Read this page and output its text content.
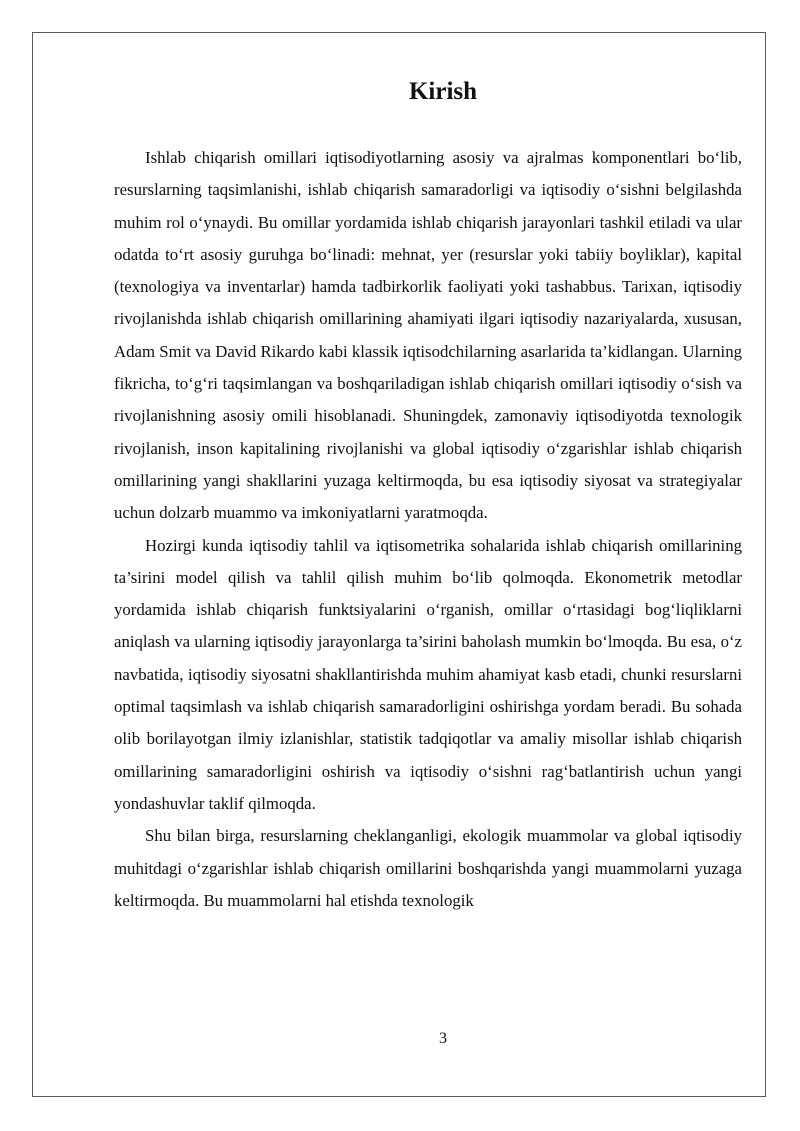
Kirish

Ishlab chiqarish omillari iqtisodiyotlarning asosiy va ajralmas komponentlari bo‘lib, resurslarning taqsimlanishi, ishlab chiqarish samaradorligi va iqtisodiy o‘sishni belgilashda muhim rol o‘ynaydi. Bu omillar yordamida ishlab chiqarish jarayonlari tashkil etiladi va ular odatda to‘rt asosiy guruhga bo‘linadi: mehnat, yer (resurslar yoki tabiiy boyliklar), kapital (texnologiya va inventarlar) hamda tadbirkorlik faoliyati yoki tashabbus. Tarixan, iqtisodiy rivojlanishda ishlab chiqarish omillarining ahamiyati ilgari iqtisodiy nazariyalarda, xususan, Adam Smit va David Rikardo kabi klassik iqtisodchilarning asarlarida ta’kidlangan. Ularning fikricha, to‘g‘ri taqsimlangan va boshqariladigan ishlab chiqarish omillari iqtisodiy o‘sish va rivojlanishning asosiy omili hisoblanadi. Shuningdek, zamonaviy iqtisodiyotda texnologik rivojlanish, inson kapitalining rivojlanishi va global iqtisodiy o‘zgarishlar ishlab chiqarish omillarining yangi shakllarini yuzaga keltirmoqda, bu esa iqtisodiy siyosat va strategiyalar uchun dolzarb muammo va imkoniyatlarni yaratmoqda.

Hozirgi kunda iqtisodiy tahlil va iqtisometrika sohalarida ishlab chiqarish omillarining ta’sirini model qilish va tahlil qilish muhim bo‘lib qolmoqda. Ekonometrik metodlar yordamida ishlab chiqarish funktsiyalarini o‘rganish, omillar o‘rtasidagi bog‘liqliklarni aniqlash va ularning iqtisodiy jarayonlarga ta’sirini baholash mumkin bo‘lmoqda. Bu esa, o‘z navbatida, iqtisodiy siyosatni shakllantirishda muhim ahamiyat kasb etadi, chunki resurslarni optimal taqsimlash va ishlab chiqarish samaradorligini oshirishga yordam beradi. Bu sohada olib borilayotgan ilmiy izlanishlar, statistik tadqiqotlar va amaliy misollar ishlab chiqarish omillarining samaradorligini oshirish va iqtisodiy o‘sishni rag‘batlantirish uchun yangi yondashuvlar taklif qilmoqda.

Shu bilan birga, resurslarning cheklanganligi, ekologik muammolar va global iqtisodiy muhitdagi o‘zgarishlar ishlab chiqarish omillarini boshqarishda yangi muammolarni yuzaga keltirmoqda. Bu muammolarni hal etishda texnologik

3
